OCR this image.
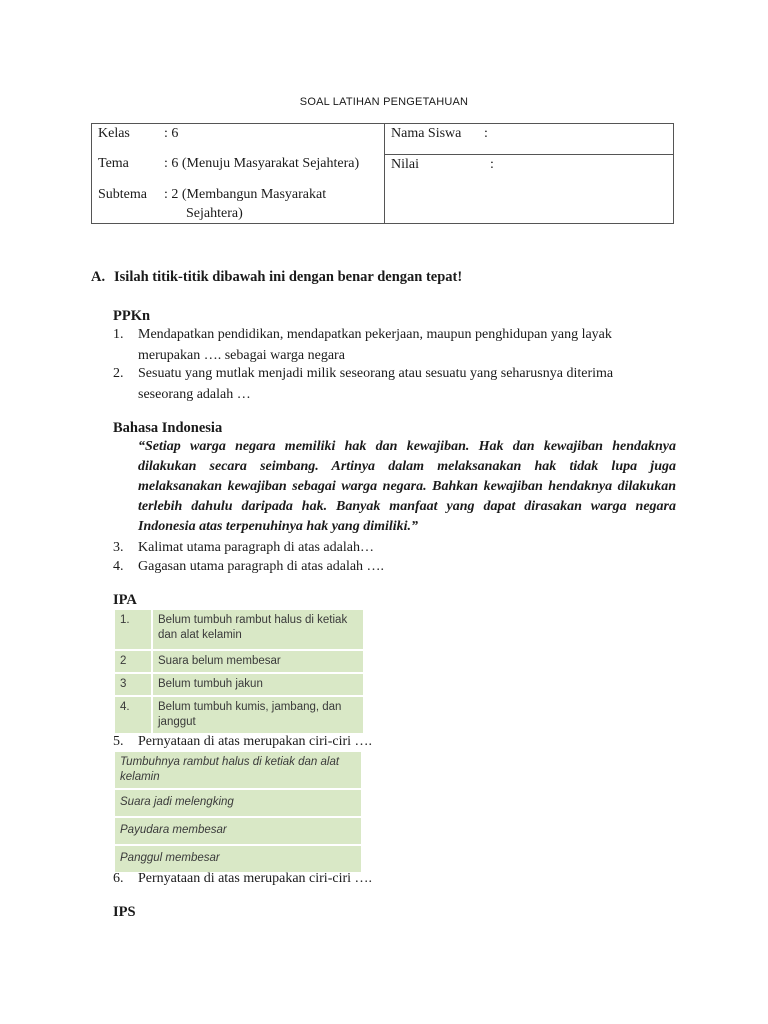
SOAL LATIHAN PENGETAHUAN
Kelas : 6
Tema	: 6 (Menuju Masyarakat Sejahtera)
Subtema : 2 (Membangun Masyarakat
Sejahtera)

Nama Siswa :

Nilai	:
A. Isilah titik-titik dibawah ini dengan benar dengan tepat!
PPKn
1. Mendapatkan pendidikan, mendapatkan pekerjaan, maupun penghidupan yang layak
merupakan …. sebagai warga negara
2. Sesuatu yang mutlak menjadi milik seseorang atau sesuatu yang seharusnya diterima
seseorang adalah …
Bahasa Indonesia
“Setiap warga negara memiliki hak dan kewajiban. Hak dan kewajiban hendaknya dilakukan secara seimbang. Artinya dalam melaksanakan hak tidak lupa juga melaksanakan kewajiban sebagai warga negara. Bahkan kewajiban hendaknya dilakukan terlebih dahulu daripada hak. Banyak manfaat yang dapat dirasakan warga negara Indonesia atas terpenuhinya hak yang dimiliki.”
3. Kalimat utama paragraph di atas adalah…
4. Gagasan utama paragraph di atas adalah ….
IPA
1.	Belum tumbuh rambut halus di ketiak dan alat kelamin
2	Suara belum membesar
3	Belum tumbuh jakun
4.	Belum tumbuh kumis, jambang, dan janggut
5. Pernyataan di atas merupakan ciri-ciri ….
Tumbuhnya rambut halus di ketiak dan alat kelamin
Suara jadi melengking
Payudara membesar
Panggul membesar
6. Pernyataan di atas merupakan ciri-ciri ….
IPS
